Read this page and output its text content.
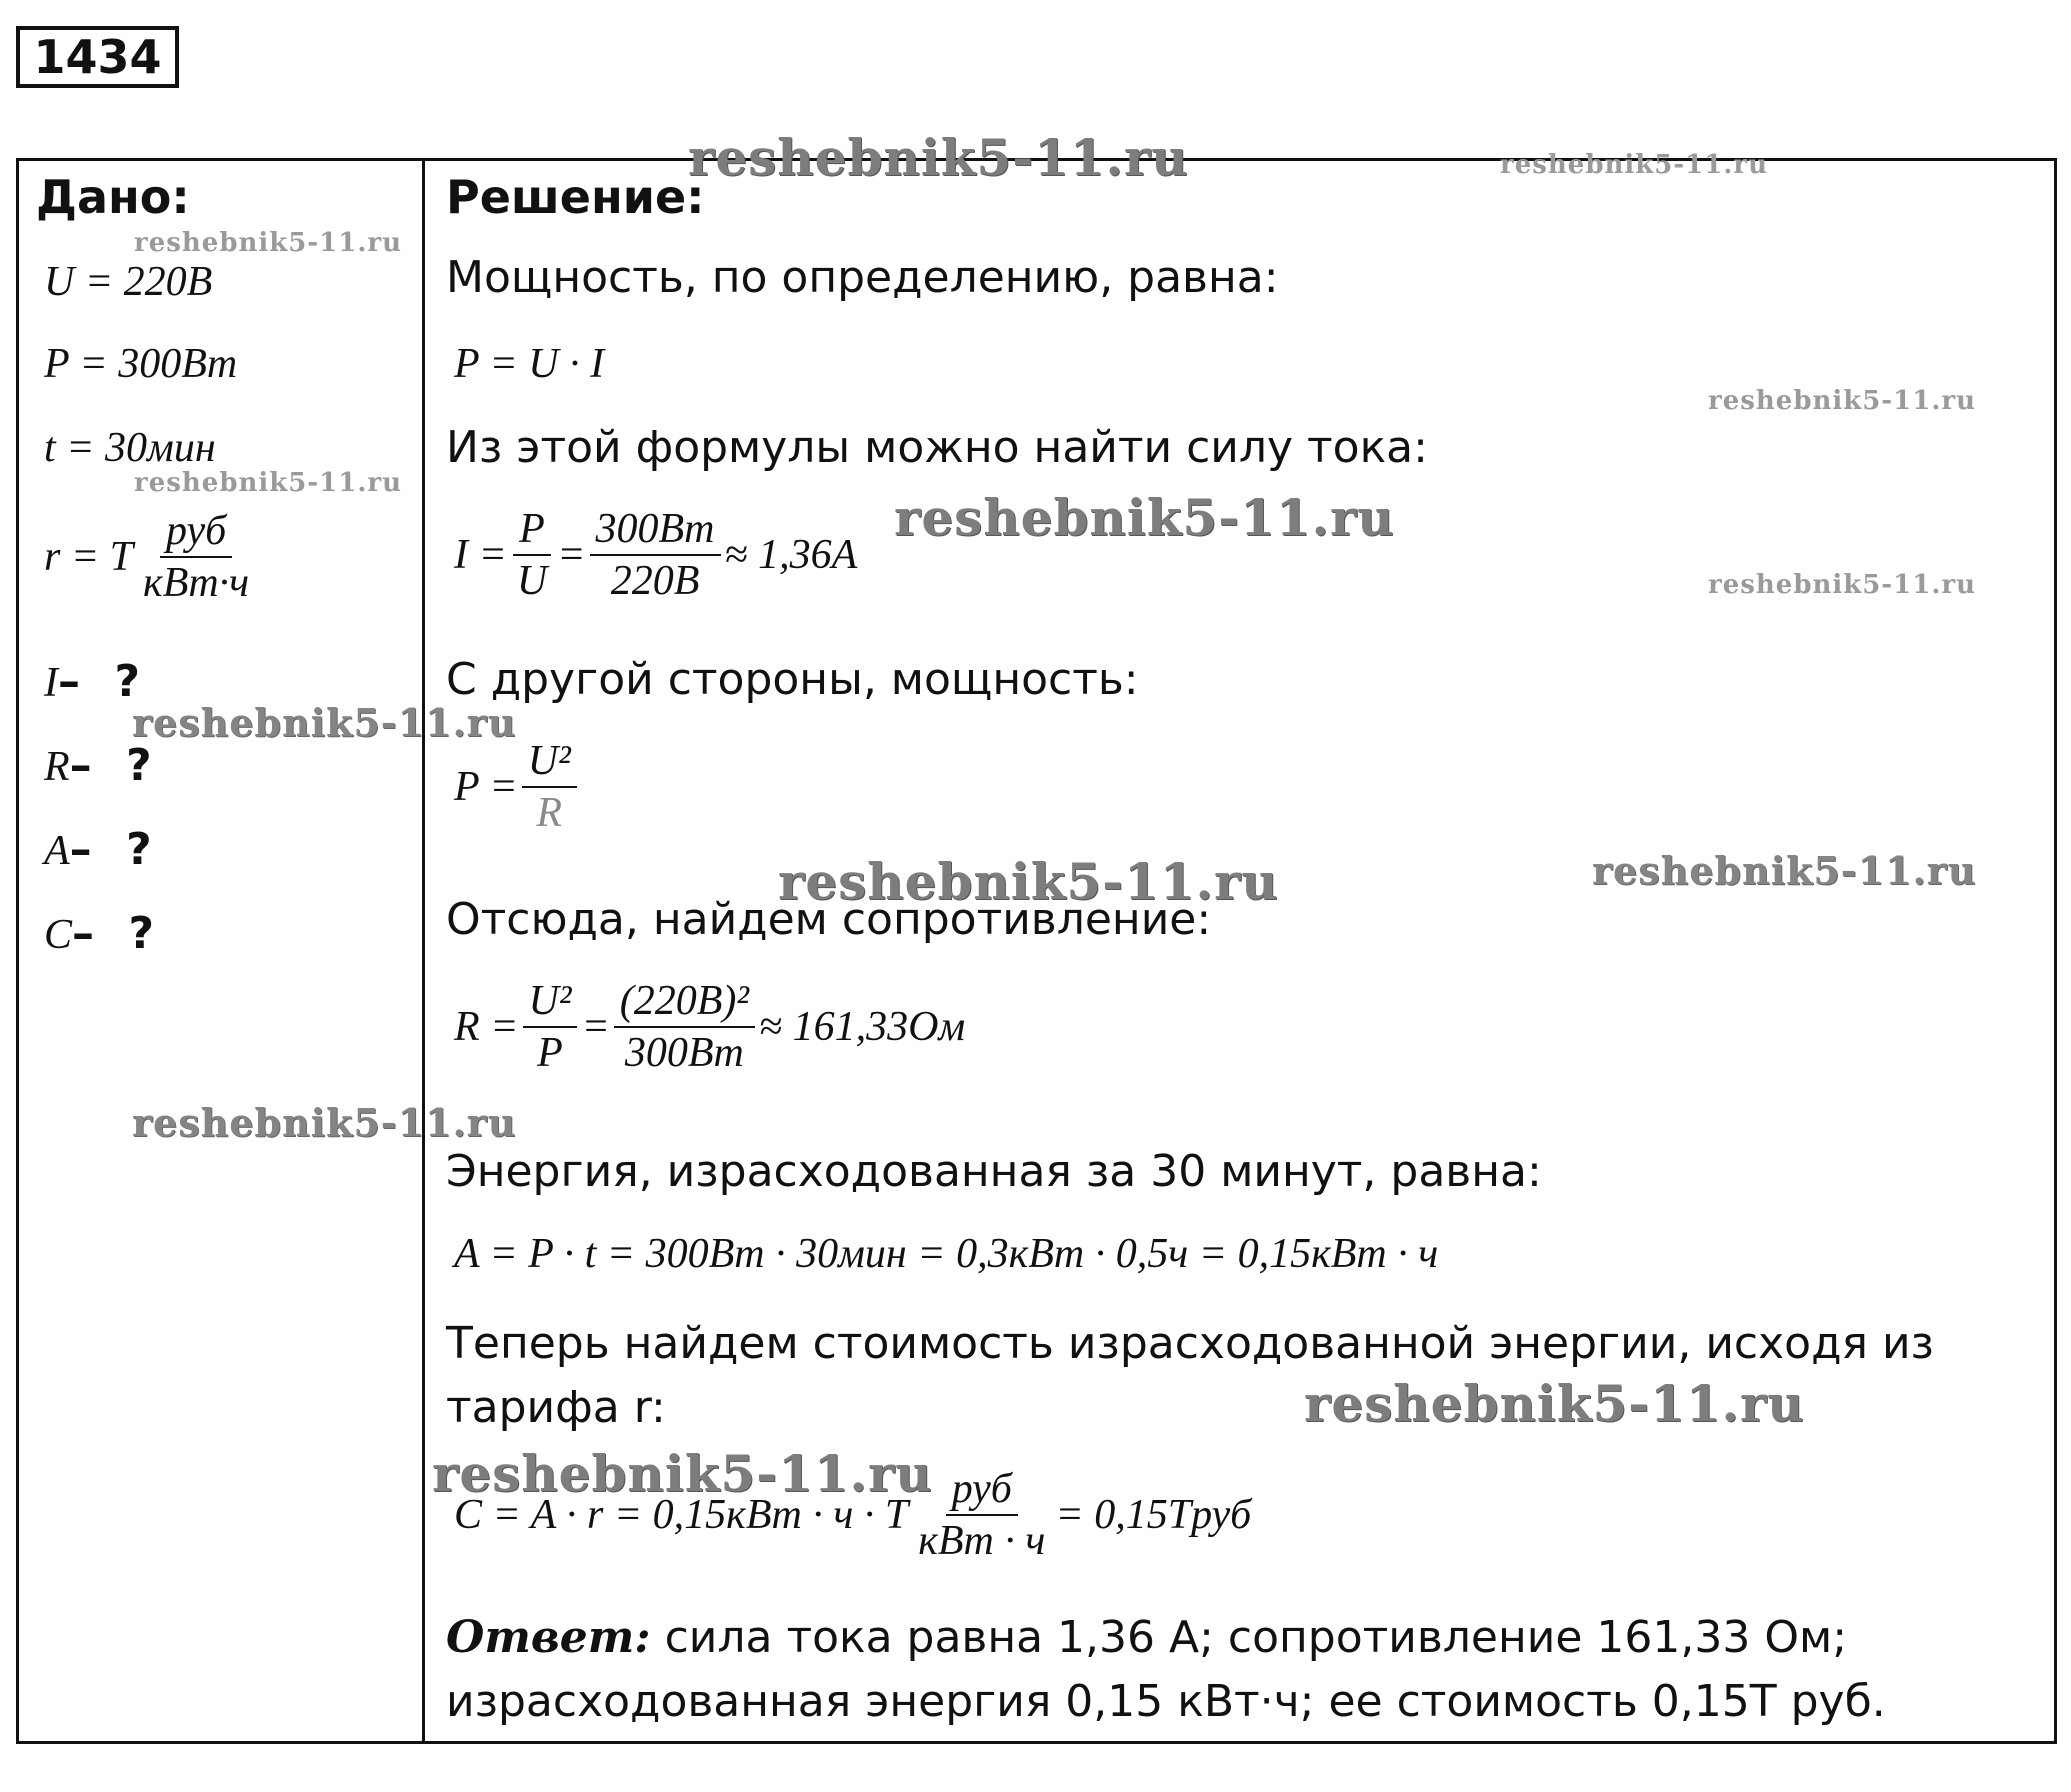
1434
Дано:
U = 220B
P = 300Bm
t = 30мин
r = T $\frac{\text{руб}}{\text{кBm·ч}}$
I– ?
R– ?
A– ?
C– ?
Решение:
Мощность, по определению, равна:
P = U · I
Из этой формулы можно найти силу тока:
$I = \frac{P}{U} = \frac{300Bm}{220B} \approx 1,36A$
С другой стороны, мощность:
$P = \frac{\text{U²}}{R}$
Отсюда, найдем сопротивление:
$R = \frac{\text{U²}}{P} = \frac{\text{(220B)²}}{300Bm} \approx 161,33Ом$
Энергия, израсходованная за 30 минут, равна:
A = P · t = 300Bm · 30мин = 0,3кBm · 0,5ч = 0,15кBm · ч
Теперь найдем стоимость израсходованной энергии, исходя из
тарифа r:
C = A · r = 0,15кBm · ч · T $\frac{\text{руб}}{\text{кBm · ч}}$ = 0,15Tруб
Ответ: сила тока равна 1,36 А; сопротивление 161,33 Ом;
израсходованная энергия 0,15 кВт·ч; ее стоимость 0,15Т руб.
reshebnik5-11.ru	reshebnik5-11.ru
reshebnik5-11.ru
reshebnik5-11.ru
reshebnik5-11.ru
reshebnik5-11.ru
reshebnik5-11.ru
reshebnik5-11.ru
reshebnik5-11.ru	reshebnik5-11.ru
reshebnik5-11.ru
reshebnik5-11.ru
reshebnik5-11.ru
